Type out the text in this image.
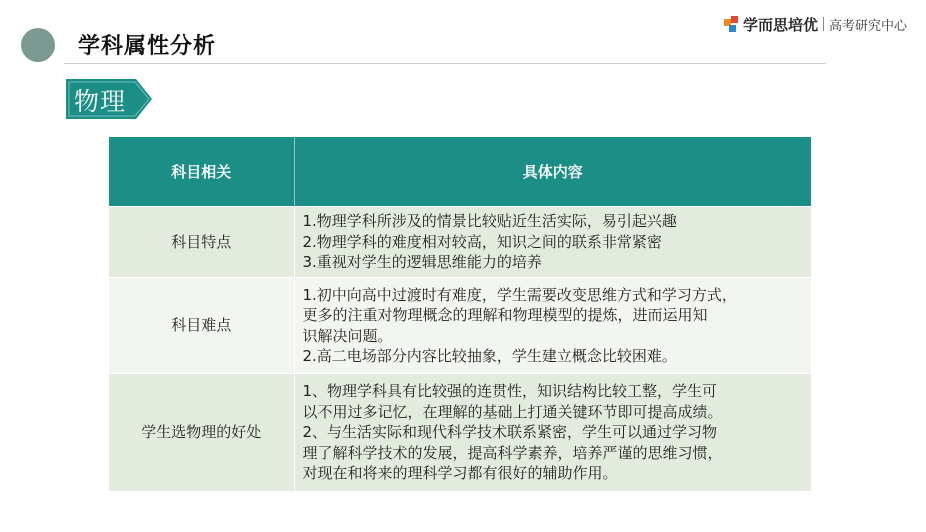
学科属性分析
学而思培优 高考研究中心
物理
科目相关	具体内容
科目特点	1.物理学科所涉及的情景比较贴近生活实际，易引起兴趣
2.物理学科的难度相对较高，知识之间的联系非常紧密
3.重视对学生的逻辑思维能力的培养

科目难点	1.初中向高中过渡时有难度，学生需要改变思维方式和学习方式，
更多的注重对物理概念的理解和物理模型的提炼，进而运用知
识解决问题。
2.高二电场部分内容比较抽象，学生建立概念比较困难。

学生选物理的好处	1、物理学科具有比较强的连贯性，知识结构比较工整，学生可
以不用过多记忆，在理解的基础上打通关键环节即可提高成绩。
2、与生活实际和现代科学技术联系紧密，学生可以通过学习物
理了解科学技术的发展，提高科学素养，培养严谨的思维习惯，
对现在和将来的理科学习都有很好的辅助作用。
